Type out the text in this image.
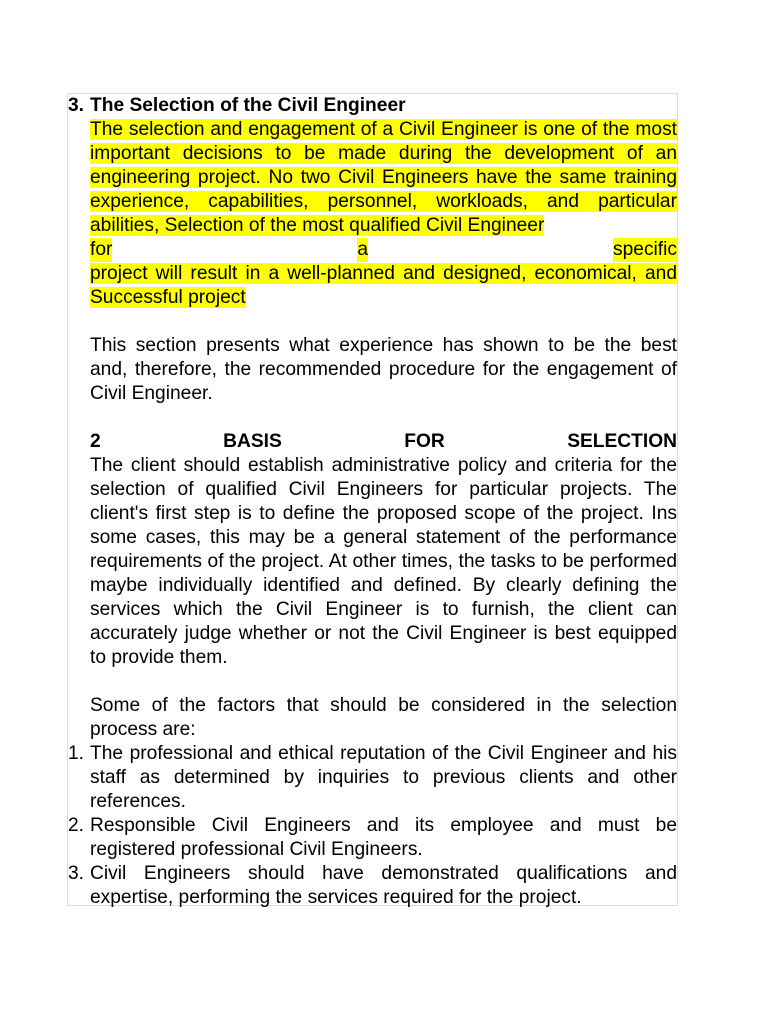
3. The Selection of the Civil Engineer
The selection and engagement of a Civil Engineer is one of the most important decisions to be made during the development of an engineering project. No two Civil Engineers have the same training experience, capabilities, personnel, workloads, and particular abilities, Selection of the most qualified Civil Engineer
for	a	specific
project will result in a well-planned and designed, economical, and Successful project
This section presents what experience has shown to be the best and, therefore, the recommended procedure for the engagement of Civil Engineer.
2	BASIS	FOR	SELECTION
The client should establish administrative policy and criteria for the selection of qualified Civil Engineers for particular projects. The client's first step is to define the proposed scope of the project. Ins some cases, this may be a general statement of the performance requirements of the project. At other times, the tasks to be performed maybe individually identified and defined. By clearly defining the services which the Civil Engineer is to furnish, the client can accurately judge whether or not the Civil Engineer is best equipped to provide them.
Some of the factors that should be considered in the selection process are:
1. The professional and ethical reputation of the Civil Engineer and his staff as determined by inquiries to previous clients and other references.
2. Responsible Civil Engineers and its employee and must be registered professional Civil Engineers.
3. Civil Engineers should have demonstrated qualifications and expertise, performing the services required for the project.
